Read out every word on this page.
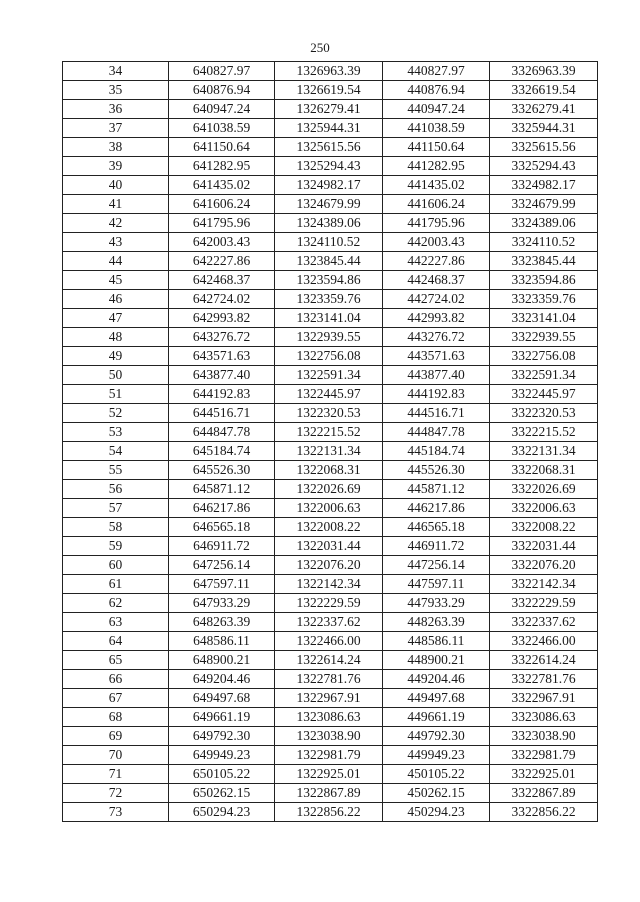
250
34	640827.97	1326963.39	440827.97	3326963.39
35	640876.94	1326619.54	440876.94	3326619.54
36	640947.24	1326279.41	440947.24	3326279.41
37	641038.59	1325944.31	441038.59	3325944.31
38	641150.64	1325615.56	441150.64	3325615.56
39	641282.95	1325294.43	441282.95	3325294.43
40	641435.02	1324982.17	441435.02	3324982.17
41	641606.24	1324679.99	441606.24	3324679.99
42	641795.96	1324389.06	441795.96	3324389.06
43	642003.43	1324110.52	442003.43	3324110.52
44	642227.86	1323845.44	442227.86	3323845.44
45	642468.37	1323594.86	442468.37	3323594.86
46	642724.02	1323359.76	442724.02	3323359.76
47	642993.82	1323141.04	442993.82	3323141.04
48	643276.72	1322939.55	443276.72	3322939.55
49	643571.63	1322756.08	443571.63	3322756.08
50	643877.40	1322591.34	443877.40	3322591.34
51	644192.83	1322445.97	444192.83	3322445.97
52	644516.71	1322320.53	444516.71	3322320.53
53	644847.78	1322215.52	444847.78	3322215.52
54	645184.74	1322131.34	445184.74	3322131.34
55	645526.30	1322068.31	445526.30	3322068.31
56	645871.12	1322026.69	445871.12	3322026.69
57	646217.86	1322006.63	446217.86	3322006.63
58	646565.18	1322008.22	446565.18	3322008.22
59	646911.72	1322031.44	446911.72	3322031.44
60	647256.14	1322076.20	447256.14	3322076.20
61	647597.11	1322142.34	447597.11	3322142.34
62	647933.29	1322229.59	447933.29	3322229.59
63	648263.39	1322337.62	448263.39	3322337.62
64	648586.11	1322466.00	448586.11	3322466.00
65	648900.21	1322614.24	448900.21	3322614.24
66	649204.46	1322781.76	449204.46	3322781.76
67	649497.68	1322967.91	449497.68	3322967.91
68	649661.19	1323086.63	449661.19	3323086.63
69	649792.30	1323038.90	449792.30	3323038.90
70	649949.23	1322981.79	449949.23	3322981.79
71	650105.22	1322925.01	450105.22	3322925.01
72	650262.15	1322867.89	450262.15	3322867.89
73	650294.23	1322856.22	450294.23	3322856.22
